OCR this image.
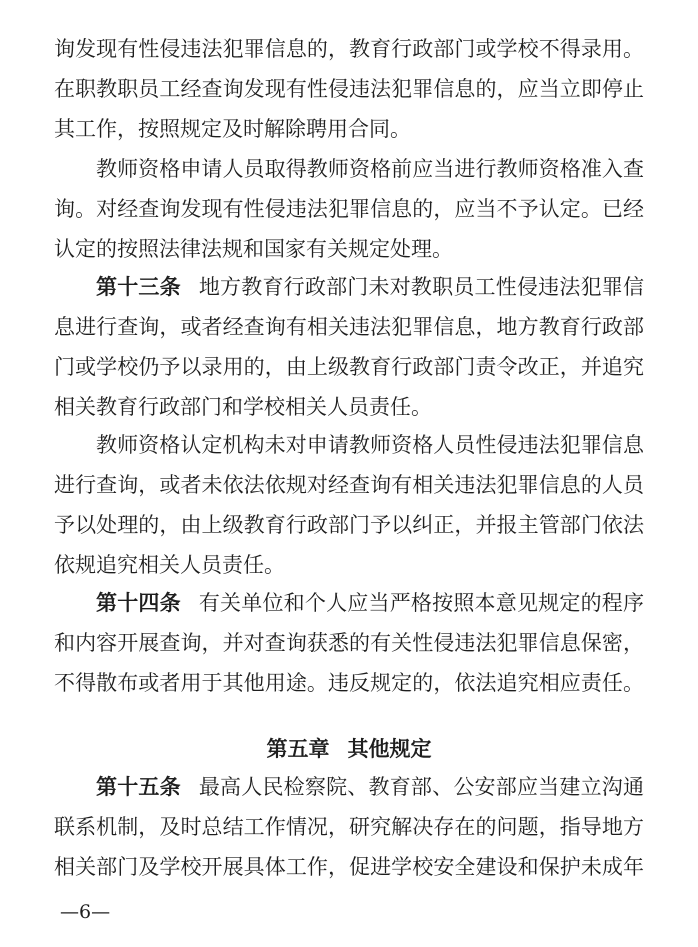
询发现有性侵违法犯罪信息的，教育行政部门或学校不得录用。
在职教职员工经查询发现有性侵违法犯罪信息的，应当立即停止
其工作，按照规定及时解除聘用合同。
教师资格申请人员取得教师资格前应当进行教师资格准入查
询。对经查询发现有性侵违法犯罪信息的，应当不予认定。已经
认定的按照法律法规和国家有关规定处理。
第十三条 地方教育行政部门未对教职员工性侵违法犯罪信
息进行查询，或者经查询有相关违法犯罪信息，地方教育行政部
门或学校仍予以录用的，由上级教育行政部门责令改正，并追究
相关教育行政部门和学校相关人员责任。
教师资格认定机构未对申请教师资格人员性侵违法犯罪信息
进行查询，或者未依法依规对经查询有相关违法犯罪信息的人员
予以处理的，由上级教育行政部门予以纠正，并报主管部门依法
依规追究相关人员责任。
第十四条 有关单位和个人应当严格按照本意见规定的程序
和内容开展查询，并对查询获悉的有关性侵违法犯罪信息保密，
不得散布或者用于其他用途。违反规定的，依法追究相应责任。
第五章 其他规定
第十五条 最高人民检察院、教育部、公安部应当建立沟通
联系机制，及时总结工作情况，研究解决存在的问题，指导地方
相关部门及学校开展具体工作，促进学校安全建设和保护未成年
—6—
